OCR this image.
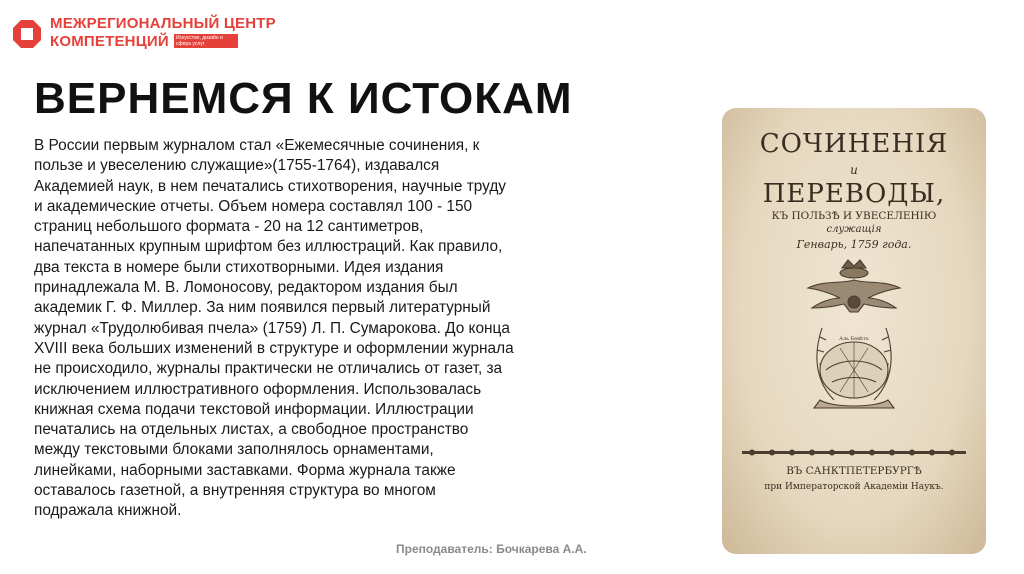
МЕЖРЕГИОНАЛЬНЫЙ ЦЕНТР
КОМПЕТЕНЦИЙ	Искусство, дизайн и сфера услуг
ВЕРНЕМСЯ К ИСТОКАМ

В России первым журналом стал «Ежемесячные сочинения, к пользе и увеселению служащие»(1755-1764), издавался Академией наук, в нем печатались стихотворения, научные труду и академические отчеты. Объем номера составлял 100 - 150 страниц небольшого формата - 20 на 12 сантиметров, напечатанных крупным шрифтом без иллюстраций. Как правило, два текста в номере были стихотворными. Идея издания принадлежала М. В. Ломоносову, редактором издания был академик Г. Ф. Миллер. За ним появился первый литературный журнал «Трудолюбивая пчела» (1759) Л. П. Сумарокова. До конца XVIII века больших изменений в структуре и оформлении журнала не происходило, журналы практически не отличались от газет, за исключением иллюстративного оформления. Использовалась книжная схема подачи текстовой информации. Иллюстрации печатались на отдельных листах, а свободное пространство между текстовыми блоками заполнялось орнаментами, линейками, наборными заставками. Форма журнала также оставалось газетной, а внутренняя структура во многом подражала книжной.

Преподаватель: Бочкарева А.А.
СОЧИНЕНІЯ
и
ПЕРЕВОДЫ,
КЪ ПОЛЬЗѢ И УВЕСЕЛЕНІЮ
служащія
Генварь, 1759 года.
Аль Бевѣтъ
ВЪ САНКТПЕТЕРБУРГѢ
при Императорской Академіи Наукъ.
